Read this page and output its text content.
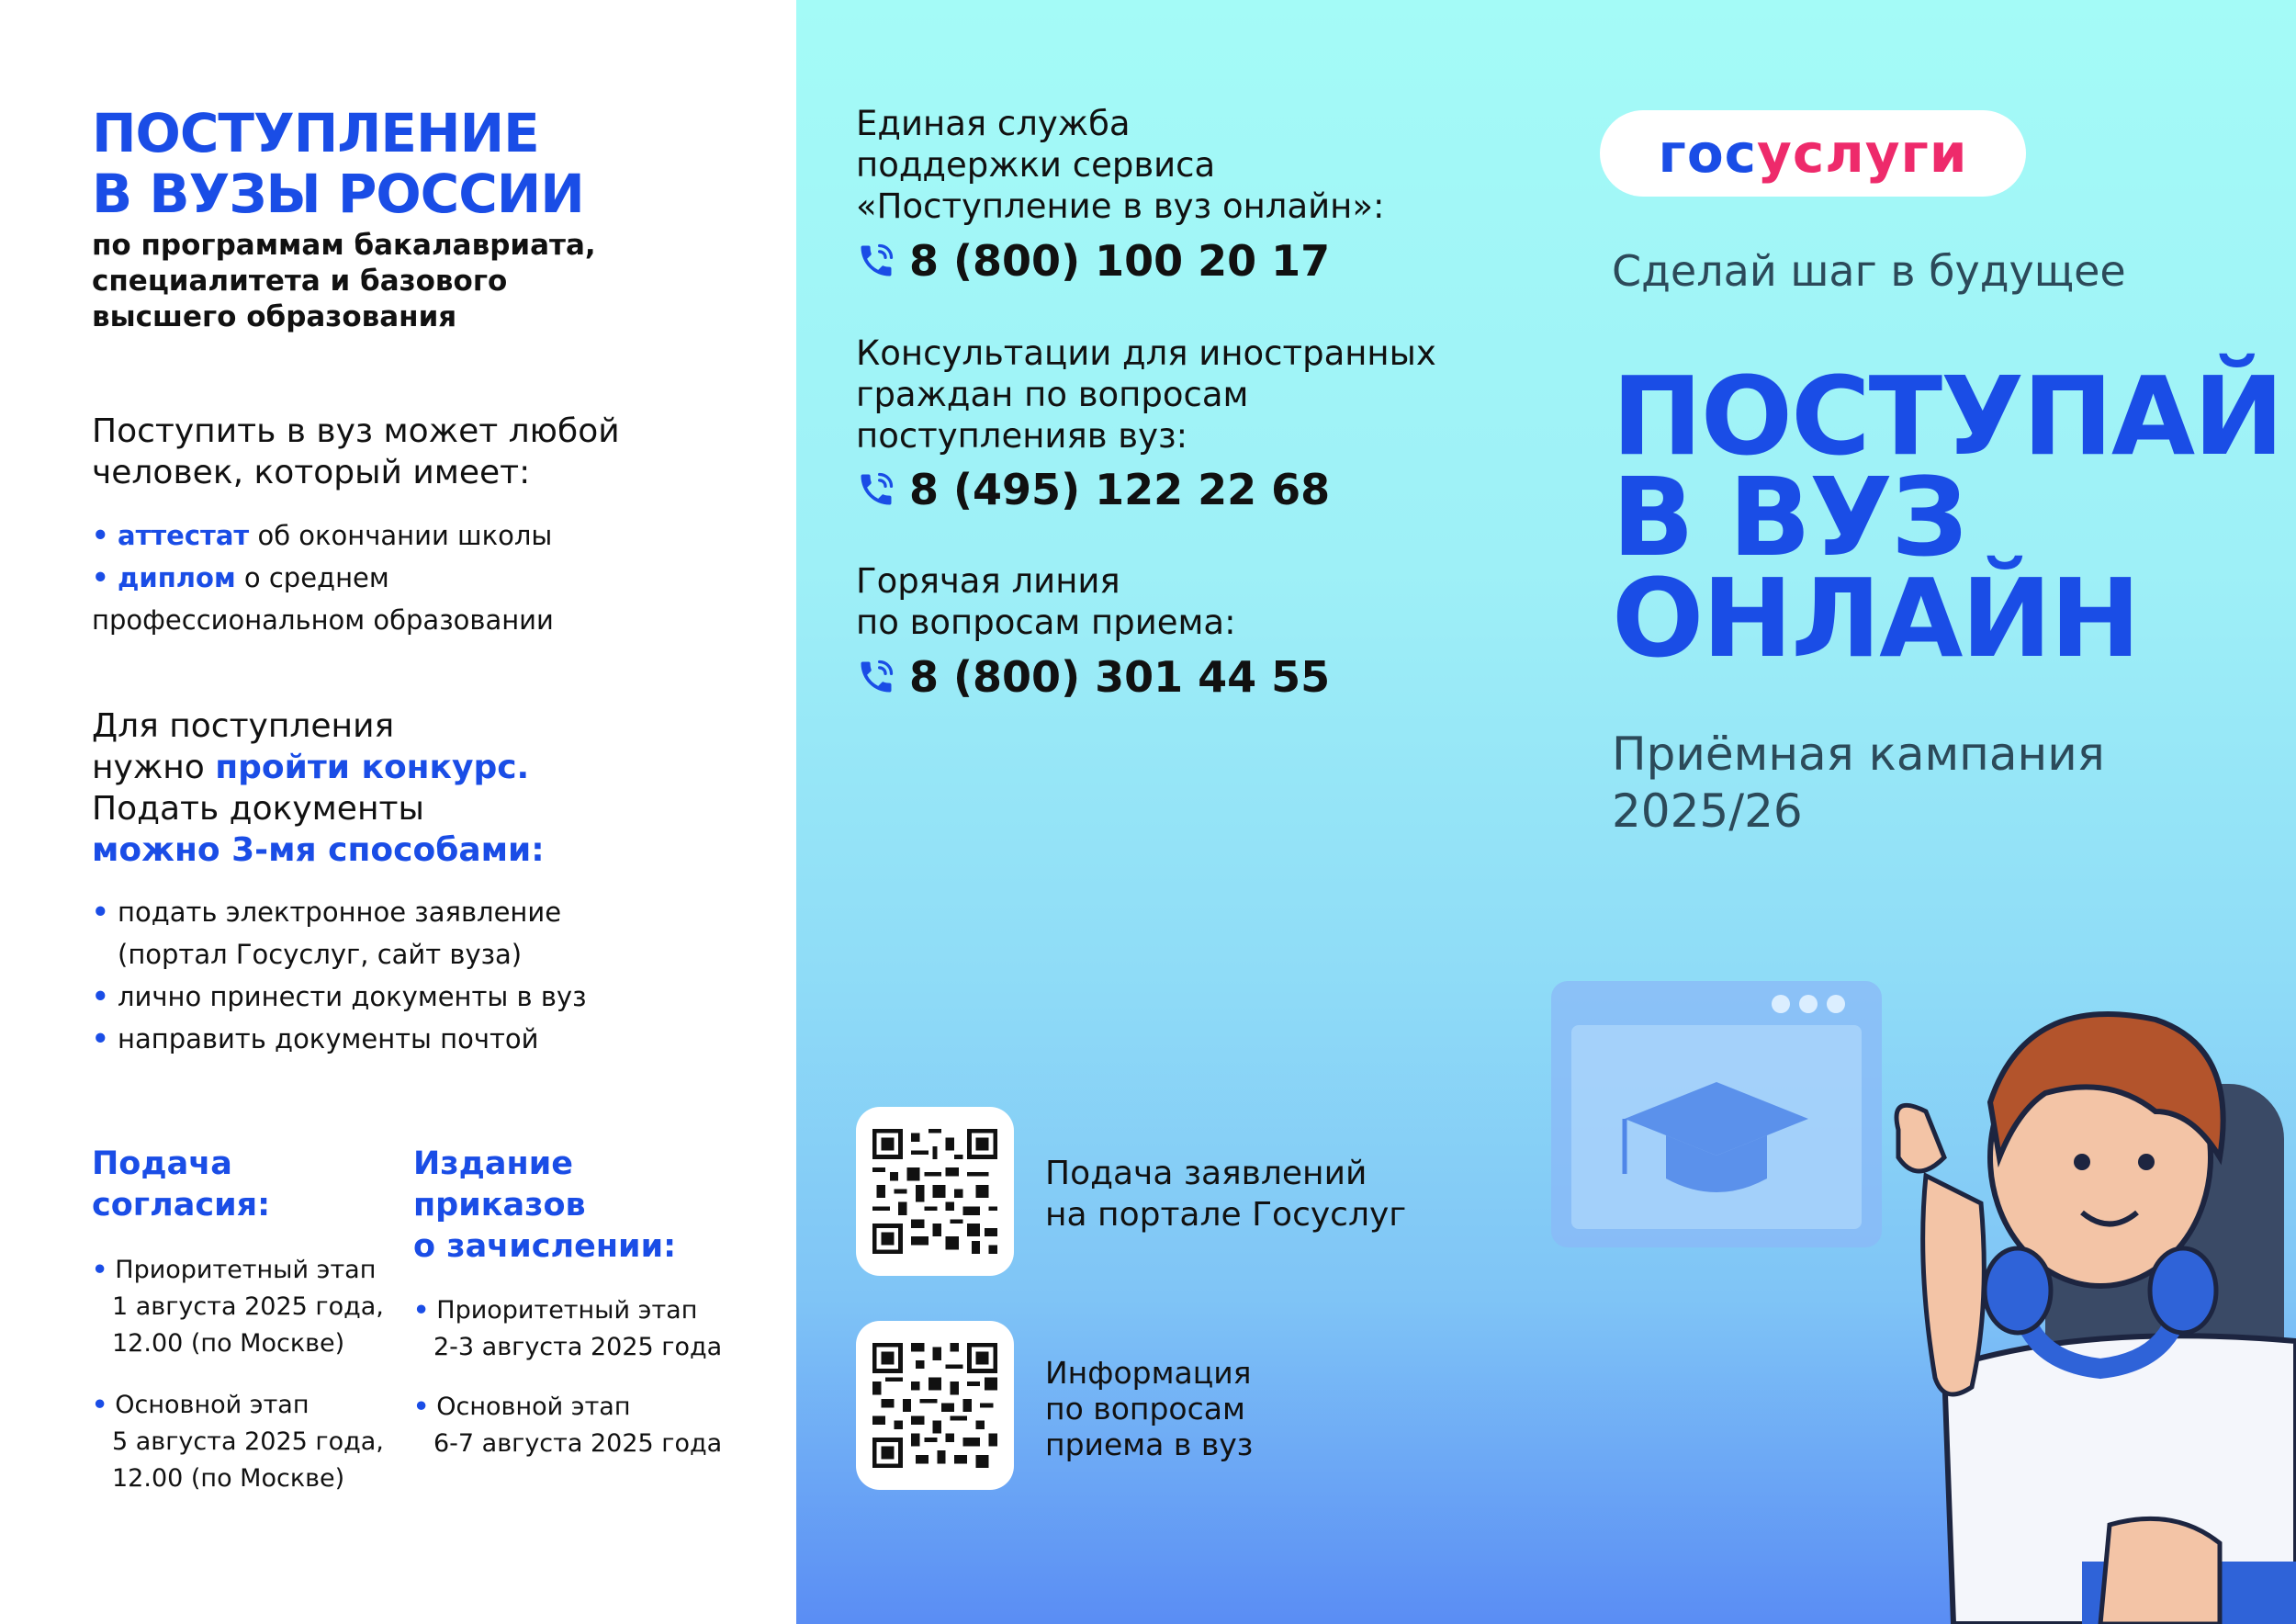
ПОСТУПЛЕНИЕ
В ВУЗЫ РОССИИ
по программам бакалавриата,
специалитета и базового
высшего образования
Поступить в вуз может любой
человек, который имеет:
• аттестат об окончании школы
• диплом о среднем
профессиональном образовании
Для поступления
нужно пройти конкурс.
Подать документы
можно 3-мя способами:
• подать электронное заявление
(портал Госуслуг, сайт вуза)
• лично принести документы в вуз
• направить документы почтой
Подача
согласия:
• Приоритетный этап
1 августа 2025 года,
12.00 (по Москве)
• Основной этап
5 августа 2025 года,
12.00 (по Москве)
Издание
приказов
о зачислении:
• Приоритетный этап
2-3 августа 2025 года
• Основной этап
6-7 августа 2025 года
Единая служба
поддержки сервиса
«Поступление в вуз онлайн»:
8 (800) 100 20 17
Консультации для иностранных
граждан по вопросам
поступленияв вуз:
8 (495) 122 22 68
Горячая линия
по вопросам приема:
8 (800) 301 44 55
Подача заявлений
на портале Госуслуг
Информация
по вопросам
приема в вуз
гос услуги
Сделай шаг в будущее
ПОСТУПАЙ
В ВУЗ
ОНЛАЙН
Приёмная кампания
2025/26
